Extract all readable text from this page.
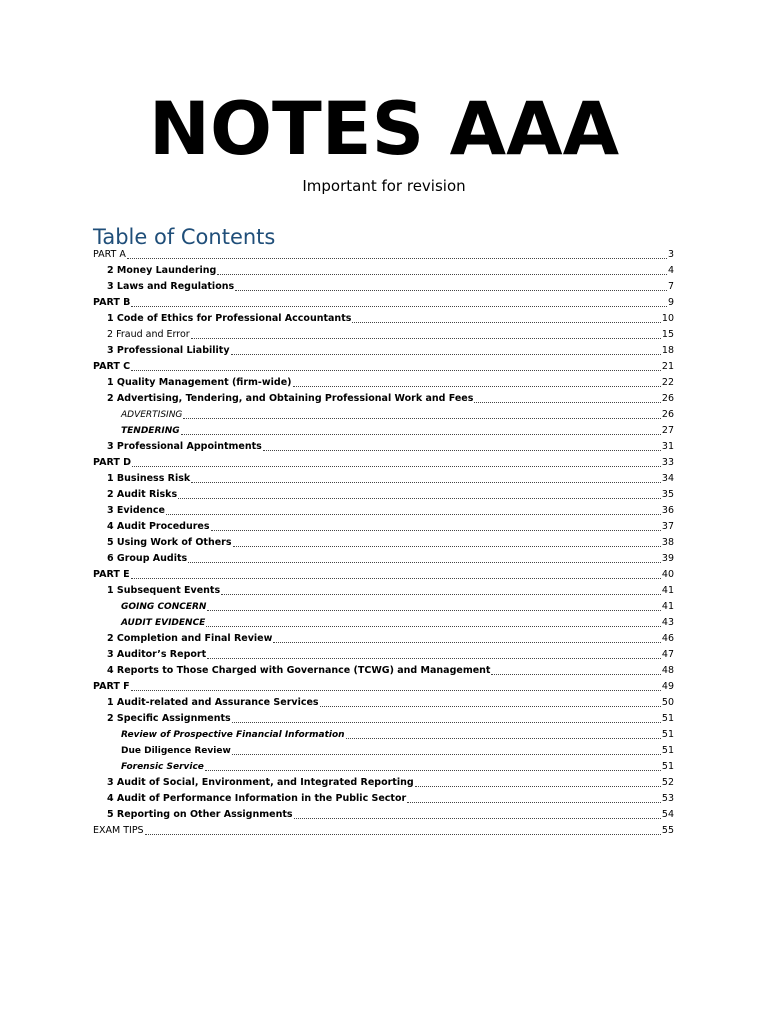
NOTES AAA
Important for revision
Table of Contents
PART A	3
2 Money Laundering	4
3 Laws and Regulations	7
PART B	9
1 Code of Ethics for Professional Accountants	10
2 Fraud and Error	15
3 Professional Liability	18
PART C	21
1 Quality Management (firm-wide)	22
2 Advertising, Tendering, and Obtaining Professional Work and Fees	26
ADVERTISING	26
TENDERING	27
3 Professional Appointments	31
PART D	33
1 Business Risk	34
2 Audit Risks	35
3 Evidence	36
4 Audit Procedures	37
5 Using Work of Others	38
6 Group Audits	39
PART E	40
1 Subsequent Events	41
GOING CONCERN	41
AUDIT EVIDENCE	43
2 Completion and Final Review	46
3 Auditor’s Report	47
4 Reports to Those Charged with Governance (TCWG) and Management	48
PART F	49
1 Audit-related and Assurance Services	50
2 Specific Assignments	51
Review of Prospective Financial Information	51
Due Diligence Review	51
Forensic Service	51
3 Audit of Social, Environment, and Integrated Reporting	52
4 Audit of Performance Information in the Public Sector	53
5 Reporting on Other Assignments	54
EXAM TIPS	55
